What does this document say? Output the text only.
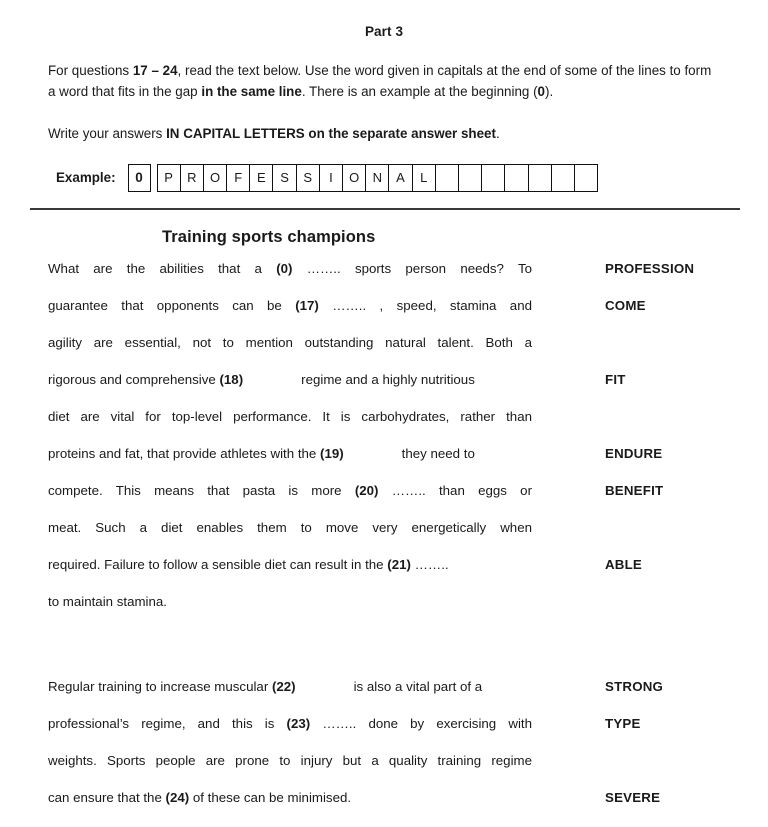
Part 3

For questions 17 – 24, read the text below. Use the word given in capitals at the end of some of the lines to form a word that fits in the gap in the same line. There is an example at the beginning (0).

Write your answers IN CAPITAL LETTERS on the separate answer sheet.

Example:	0	P	R	O	F	E	S	S	I	O	N	A	L
Training sports champions
What are the abilities that a (0) …….. sports person needs? To	PROFESSION
guarantee that opponents can be (17) …….. , speed, stamina and	COME
agility are essential, not to mention outstanding natural talent. Both a
rigorous and comprehensive (18)	regime and a highly nutritious	FIT
diet are vital for top-level performance. It is carbohydrates, rather than
proteins and fat, that provide athletes with the (19)	they need to	ENDURE
compete. This means that pasta is more (20) …….. than eggs or	BENEFIT
meat. Such a diet enables them to move very energetically when
required. Failure to follow a sensible diet can result in the (21) ……..	ABLE
to maintain stamina.
Regular training to increase muscular (22)	is also a vital part of a	STRONG
professional’s regime, and this is (23) …….. done by exercising with	TYPE
weights. Sports people are prone to injury but a quality training regime
can ensure that the (24) of these can be minimised.	SEVERE
